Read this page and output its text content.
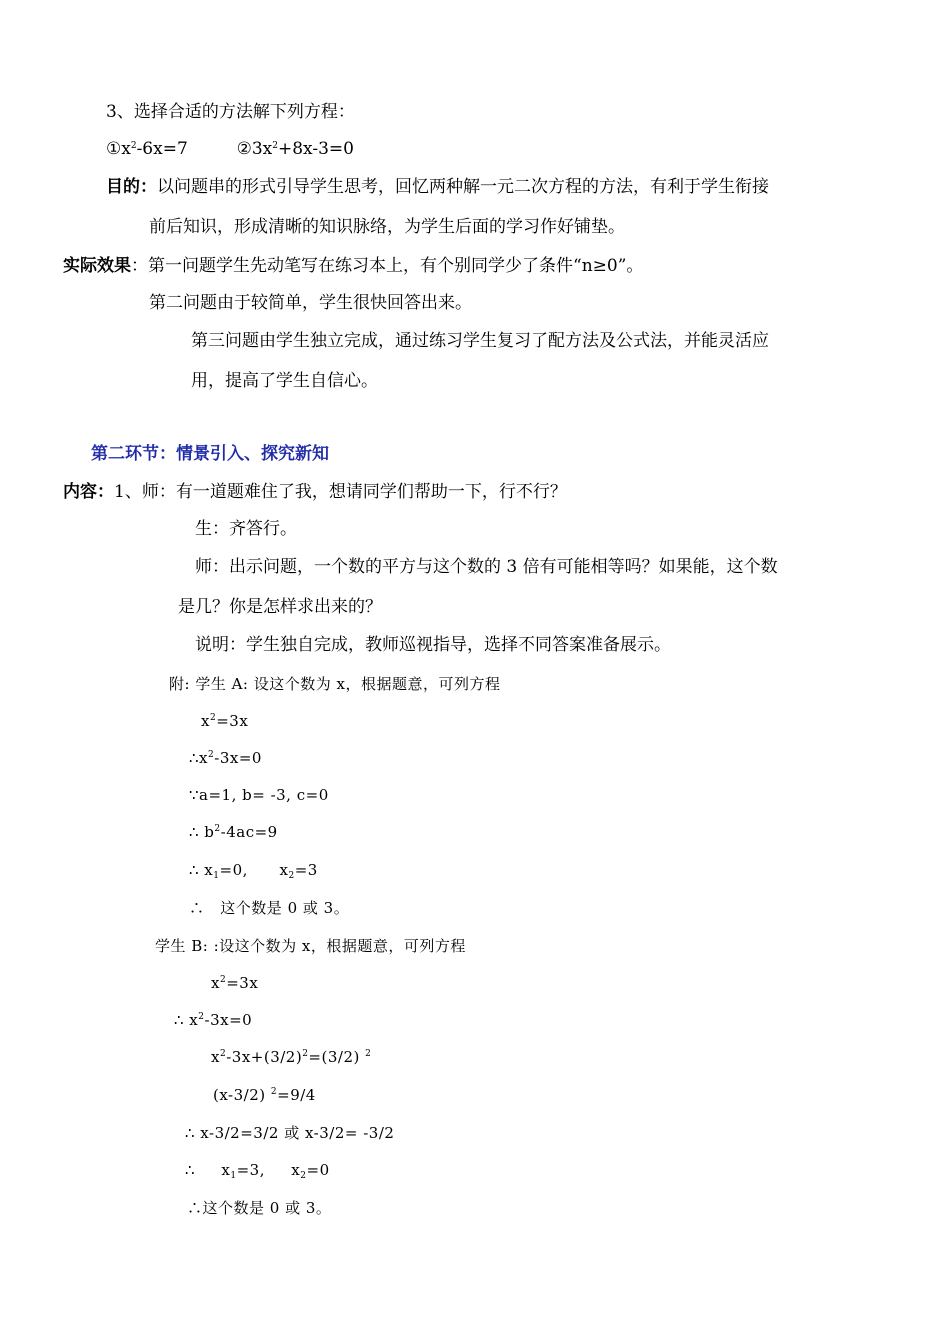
3、选择合适的方法解下列方程：
$①x^2-6x=7$	$②3x^2+8x-3=0$
目的：以问题串的形式引导学生思考，回忆两种解一元二次方程的方法，有利于学生衔接
前后知识，形成清晰的知识脉络，为学生后面的学习作好铺垫。
实际效果：第一问题学生先动笔写在练习本上，有个别同学少了条件“n≥0”。
第二问题由于较简单，学生很快回答出来。
第三问题由学生独立完成，通过练习学生复习了配方法及公式法，并能灵活应
用，提高了学生自信心。
第二环节：情景引入、探究新知
内容：1、师：有一道题难住了我，想请同学们帮助一下，行不行？
生：齐答行。
师：出示问题，一个数的平方与这个数的 3 倍有可能相等吗？如果能，这个数
是几？你是怎样求出来的？
说明：学生独自完成，教师巡视指导，选择不同答案准备展示。
附: 学生 A: 设这个数为 x，根据题意，可列方程
$x^2=3x$
$\therefore x^2-3x=0$
∵a=1, b= -3, c=0
∴ $b^2-4ac=9$
∴ $x_1=0$,      $x_2=3$
∴   这个数是 0 或 3。
学生 B: :设这个数为 x，根据题意，可列方程
$x^2=3x$
∴ $x^2-3x=0$
$x^2-3x+(3/2)^2=(3/2)$ $^2$
(x-3/2) $^2$=9/4
∴ x-3/2=3/2 或 x-3/2= -3/2
∴     $x_1=3$,     $x_2=0$
∴这个数是 0 或 3。
